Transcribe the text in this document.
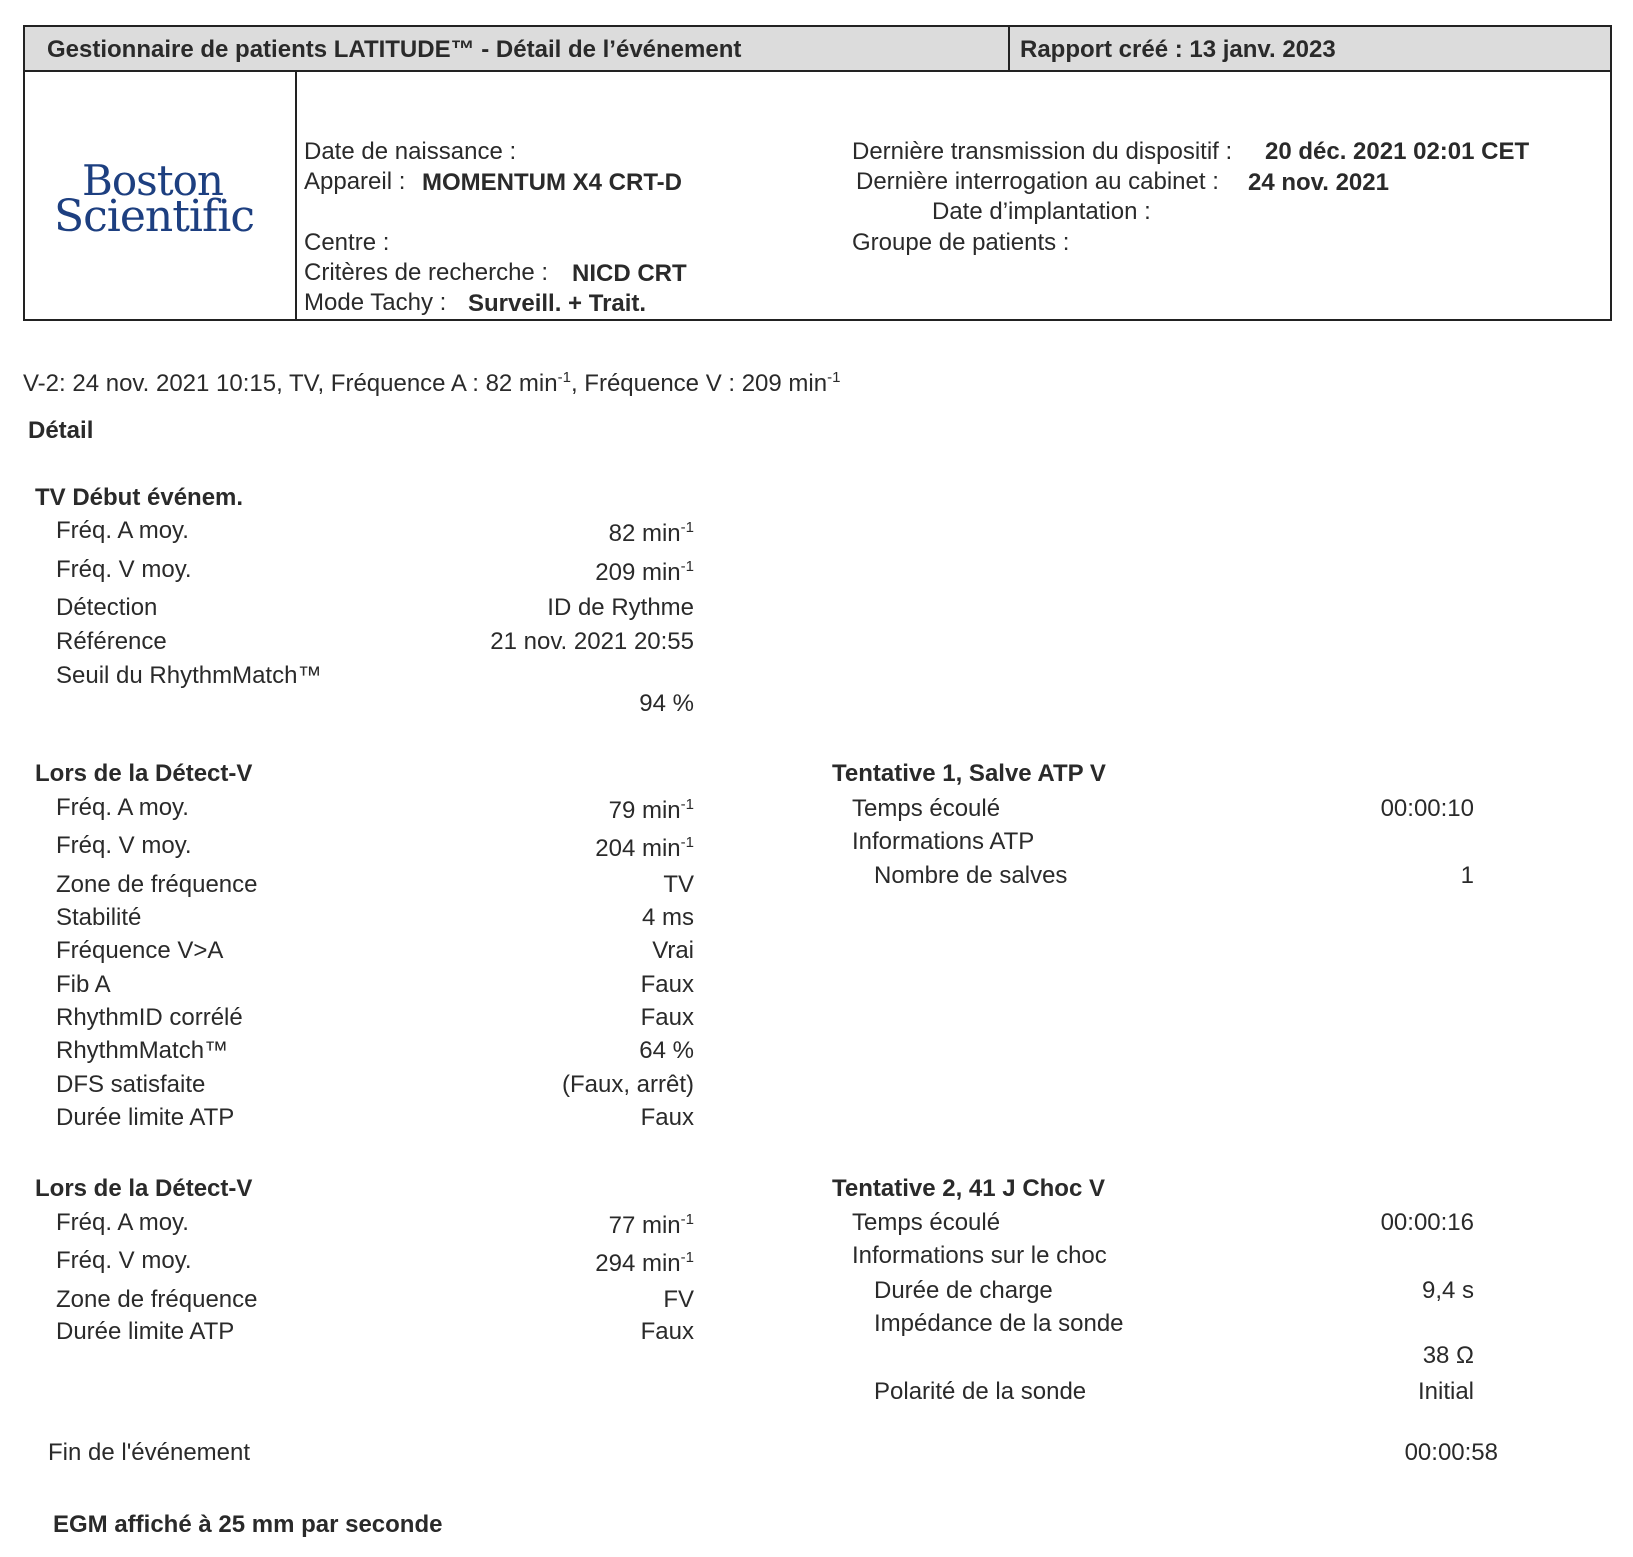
Gestionnaire de patients LATITUDE™ - Détail de l’événement	Rapport créé : 13 janv. 2023
Boston
Scientific
Date de naissance :
Appareil : MOMENTUM X4 CRT-D
Centre :
Critères de recherche : NICD CRT
Mode Tachy : Surveill. + Trait.
Dernière transmission du dispositif : 20 déc. 2021 02:01 CET
Dernière interrogation au cabinet : 24 nov. 2021
Date d’implantation :
Groupe de patients :
V-2: 24 nov. 2021 10:15, TV, Fréquence A : 82 $\min^{-1}$, Fréquence V : 209 $\min^{-1}$
Détail
TV Début événem.
Fréq. A moy.	82 $\min^{-1}$
Fréq. V moy.	209 $\min^{-1}$
Détection	ID de Rythme
Référence	21 nov. 2021 20:55
Seuil du RhythmMatch™
94 %
Lors de la Détect-V
Fréq. A moy.	79 $\min^{-1}$
Fréq. V moy.	204 $\min^{-1}$
Zone de fréquence	TV
Stabilité	4 ms
Fréquence V>A	Vrai
Fib A	Faux
RhythmID corrélé	Faux
RhythmMatch™	64 %
DFS satisfaite	(Faux, arrêt)
Durée limite ATP	Faux
Tentative 1, Salve ATP V
Temps écoulé	00:00:10
Informations ATP
Nombre de salves	1
Lors de la Détect-V
Fréq. A moy.	77 $\min^{-1}$
Fréq. V moy.	294 $\min^{-1}$
Zone de fréquence	FV
Durée limite ATP	Faux
Tentative 2, 41 J Choc V
Temps écoulé	00:00:16
Informations sur le choc
Durée de charge	9,4 s
Impédance de la sonde
38 Ω
Polarité de la sonde	Initial
Fin de l'événement	00:00:58
EGM affiché à 25 mm par seconde
